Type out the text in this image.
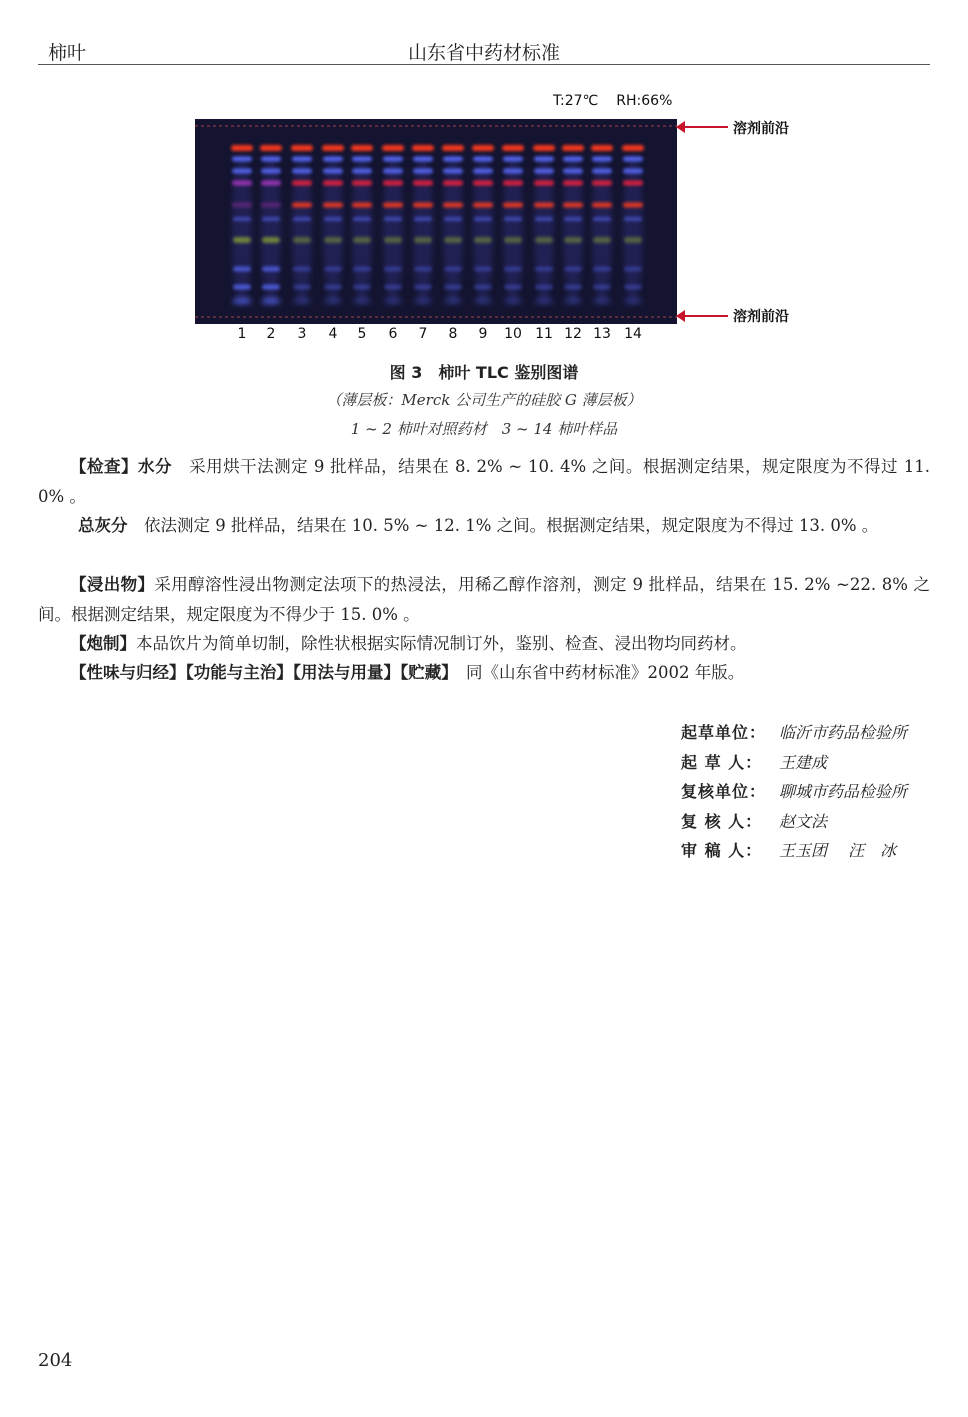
柿叶	山东省中药材标准
T:27℃ RH:66%
溶剂前沿
溶剂前沿
1 2 3 4 5 6 7 8 9 10 11 12 13 14
图 3　 柿叶 TLC 鉴别图谱
（薄层板：Merck 公司生产的硅胶 G 薄层板）
1 ~ 2 柿叶对照药材　3 ~ 14 柿叶样品
【检查】水分　 采用烘干法测定 9 批样品，结果在 8. 2% ~ 10. 4% 之间。根据测定结果，规定限度为不得过 11. 0% 。
总灰分　 依法测定 9 批样品，结果在 10. 5% ~ 12. 1% 之间。根据测定结果，规定限度为不得过 13. 0% 。
【浸出物】采用醇溶性浸出物测定法项下的热浸法，用稀乙醇作溶剂，测定 9 批样品，结果在 15. 2% ~22. 8% 之间。根据测定结果，规定限度为不得少于 15. 0% 。
【炮制】本品饮片为简单切制，除性状根据实际情况制订外，鉴别、检查、浸出物均同药材。
【性味与归经】【功能与主治】【用法与用量】【贮藏】　 同《山东省中药材标准》2002 年版。
起草单位： 临沂市药品检验所
起 草 人： 王建成
复核单位： 聊城市药品检验所
复 核 人： 赵文法
审 稿 人： 王玉团　 汪　冰
204
